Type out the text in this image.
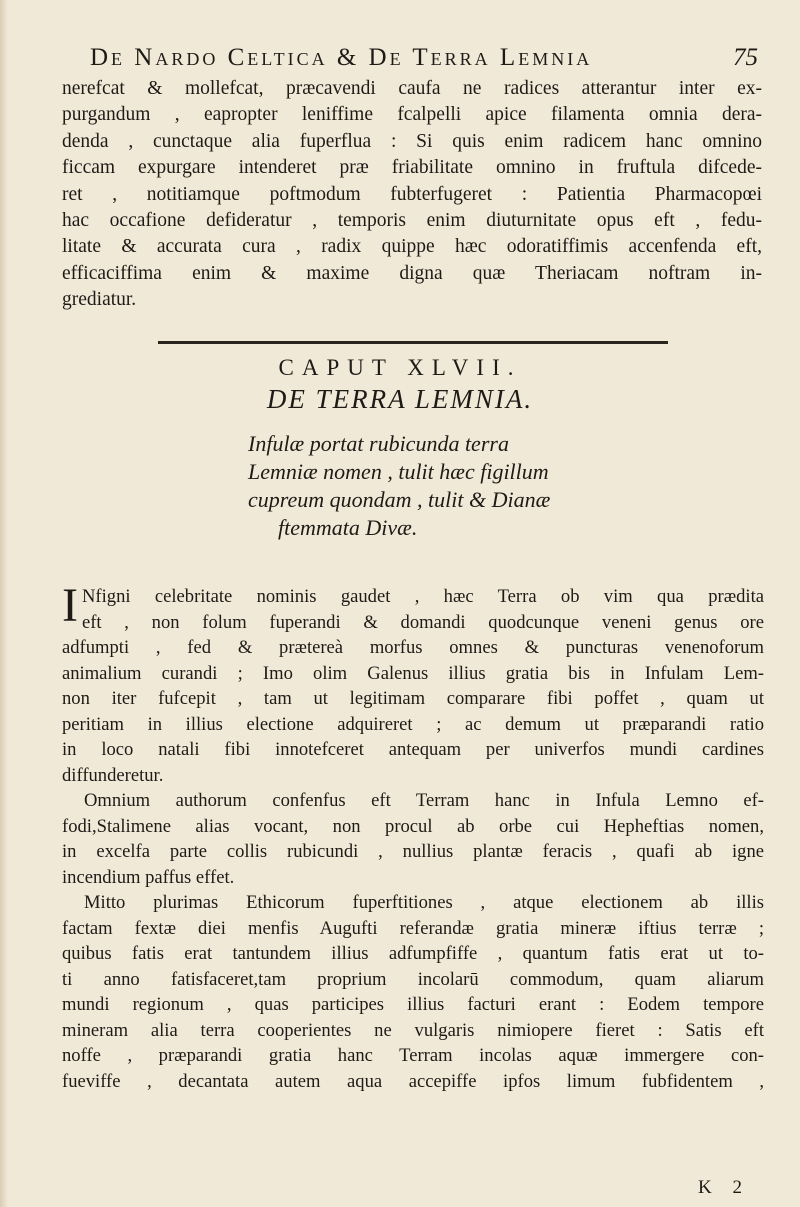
De Nardo Celtica & De Terra Lemnia	75
nerefcat & mollefcat, præcavendi caufa ne radices atterantur inter ex-
purgandum , eapropter leniffime fcalpelli apice filamenta omnia dera-
denda , cunctaque alia fuperflua : Si quis enim radicem hanc omnino
ficcam expurgare intenderet præ friabilitate omnino in fruftula difcede-
ret , notitiamque poftmodum fubterfugeret : Patientia Pharmacopœi
hac occafione defideratur , temporis enim diuturnitate opus eft , fedu-
litate & accurata cura , radix quippe hæc odoratiffimis accenfenda eft,
efficaciffima enim & maxime digna quæ Theriacam noftram in-
grediatur.
CAPUT XLVII.
DE TERRA LEMNIA.
Infulæ portat rubicunda terra
Lemniæ nomen , tulit hæc figillum
cupreum quondam , tulit & Dianæ
ftemmata Divæ.
I Nfigni celebritate nominis gaudet , hæc Terra ob vim qua prædita
eft , non folum fuperandi & domandi quodcunque veneni genus ore
adfumpti , fed & prætereà morfus omnes & puncturas venenoforum
animalium curandi ; Imo olim Galenus illius gratia bis in Infulam Lem-
non iter fufcepit , tam ut legitimam comparare fibi poffet , quam ut
peritiam in illius electione adquireret ; ac demum ut præparandi ratio
in loco natali fibi innotefceret antequam per univerfos mundi cardines
diffunderetur.
Omnium authorum confenfus eft Terram hanc in Infula Lemno ef-
fodi,Stalimene alias vocant, non procul ab orbe cui Hepheftias nomen,
in excelfa parte collis rubicundi , nullius plantæ feracis , quafi ab igne
incendium paffus effet.
Mitto plurimas Ethicorum fuperftitiones , atque electionem ab illis
factam fextæ diei menfis Augufti referandæ gratia mineræ iftius terræ ;
quibus fatis erat tantundem illius adfumpfiffe , quantum fatis erat ut to-
ti anno fatisfaceret,tam proprium incolarū commodum, quam aliarum
mundi regionum , quas participes illius facturi erant : Eodem tempore
mineram alia terra cooperientes ne vulgaris nimiopere fieret : Satis eft
noffe , præparandi gratia hanc Terram incolas aquæ immergere con-
fueviffe , decantata autem aqua accepiffe ipfos limum fubfidentem ,
K 2
